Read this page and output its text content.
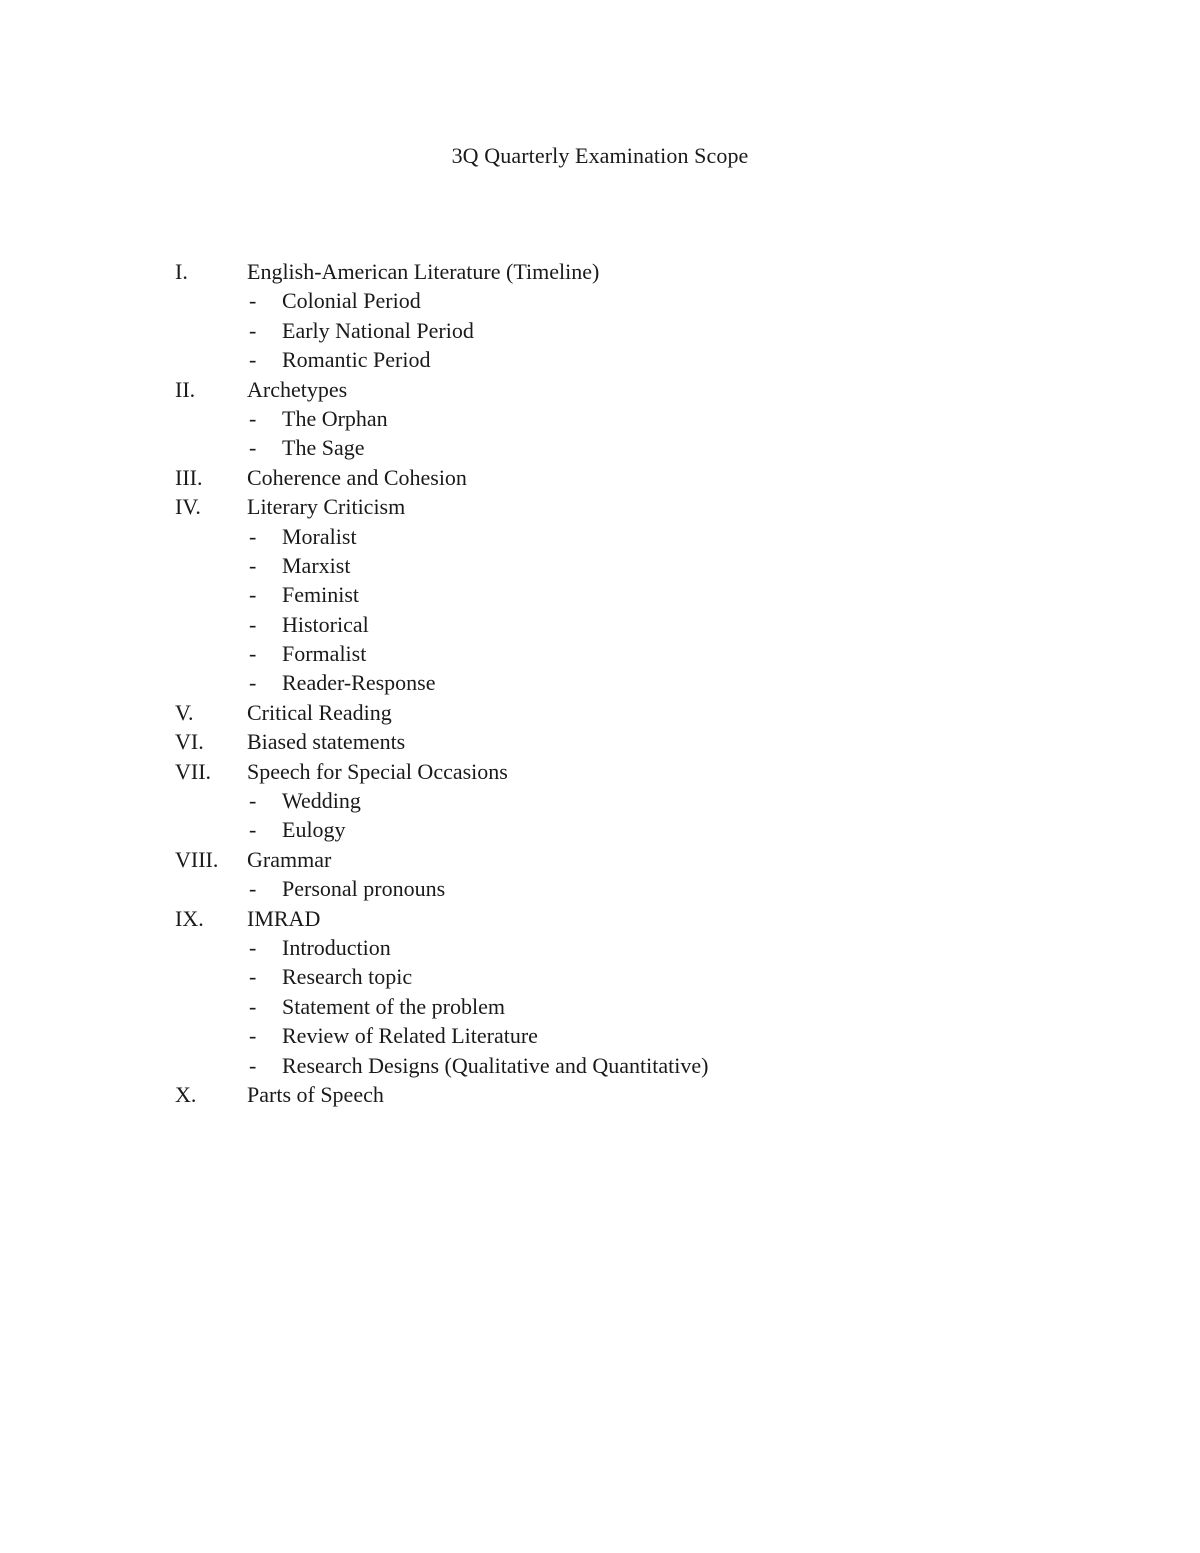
3Q Quarterly Examination Scope
I.	English-American Literature (Timeline)
- Colonial Period
- Early National Period
- Romantic Period
II. Archetypes
- The Orphan
- The Sage
III. Coherence and Cohesion
IV. Literary Criticism
- Moralist
- Marxist
- Feminist
- Historical
- Formalist
- Reader-Response
V. Critical Reading
VI. Biased statements
VII. Speech for Special Occasions
- Wedding
- Eulogy
VIII. Grammar
- Personal pronouns
IX. IMRAD
- Introduction
- Research topic
- Statement of the problem
- Review of Related Literature
- Research Designs (Qualitative and Quantitative)
X. Parts of Speech
